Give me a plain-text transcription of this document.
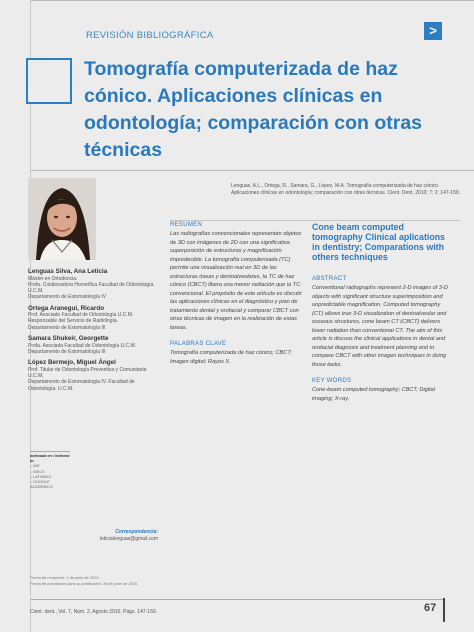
REVISIÓN BIBLIOGRÁFICA	>
Tomografía computerizada de haz cónico. Aplicaciones clínicas en odontología; comparación con otras técnicas
Lenguas, A.L., Ortega, R., Samara, G., López, M.A. Tomografía computerizada de haz cónico. Aplicaciones clínicas en odontología; comparación con otras técnicas. Cient. Dent. 2010; 7; 2: 147-159.
Lenguas Silva, Ana Leticia
Máster en Ortodoncia.
Profa. Colaboradora Honorífica Facultad de Odontología U.C.M.
Departamento de Estomatología IV
Ortega Aranegui, Ricardo
Prof. Asociado Facultad de Odontología U.C.M.
Responsable del Servicio de Radiología.
Departamento de Estomatología III
Samara Shukeir, Georgette
Profa. Asociada Facultad de Odontología U.C.M.
Departamento de Estomatología III
López Bermejo, Miguel Ángel
Prof. Titular de Odontología Preventiva y Comunitaria U.C.M.
Departamento de Estomatología IV. Facultad de Odontología. U.C.M.
Indexada en / Indexed in:
– IME
– IBECS
– LATINDEX
– GOOGLE ACADÉMICO
Correspondencia:
leticialenguas@gmail.com
Fecha de recepción: 1 de junio de 2010.
Fecha de aceptación para su publicación: 18 de junio de 2010.

RESUMEN

Las radiografías convencionales representan objetos de 3D con imágenes de 2D con una significativa superposición de estructuras y magnificación impredecible. La tomografía computerizada (TC) permite una visualización real en 3D de las estructuras óseas y dentoalveolares, la TC de haz cónico (CBCT) libera una menor radiación que la TC convencional. El propósito de este artículo es discutir las aplicaciones clínicas en el diagnóstico y plan de tratamiento dental y orofacial y comparar CBCT con otras técnicas de imagen en la realización de estas tareas.

PALABRAS CLAVE

Tomografía computerizada de haz cónico; CBCT; Imagen digital; Rayos X.

Cone beam computed tomography Clinical aplications in dentistry; Comparations with others techniques

ABSTRACT

Conventional radiographs represent 2-D images of 3-D objects with significant structure superimposition and unpredictable magnification. Computed tomography (CT) allows true 3-D visualization of dentoalveolar and osseous structures, cone beam CT (CBCT) delivers lower radiation than conventional CT. The aim of this article is discuss the clinical applications in dental and orofacial diagnosis and treatment planning and to compare CBCT with other imagen techniques in doing those tasks.

KEY WORDS

Cone-beam computed tomography; CBCT; Digital imaging; X-ray.

Cient. dent., Vol. 7, Núm. 2, Agosto 2010. Págs. 147-159.	67
